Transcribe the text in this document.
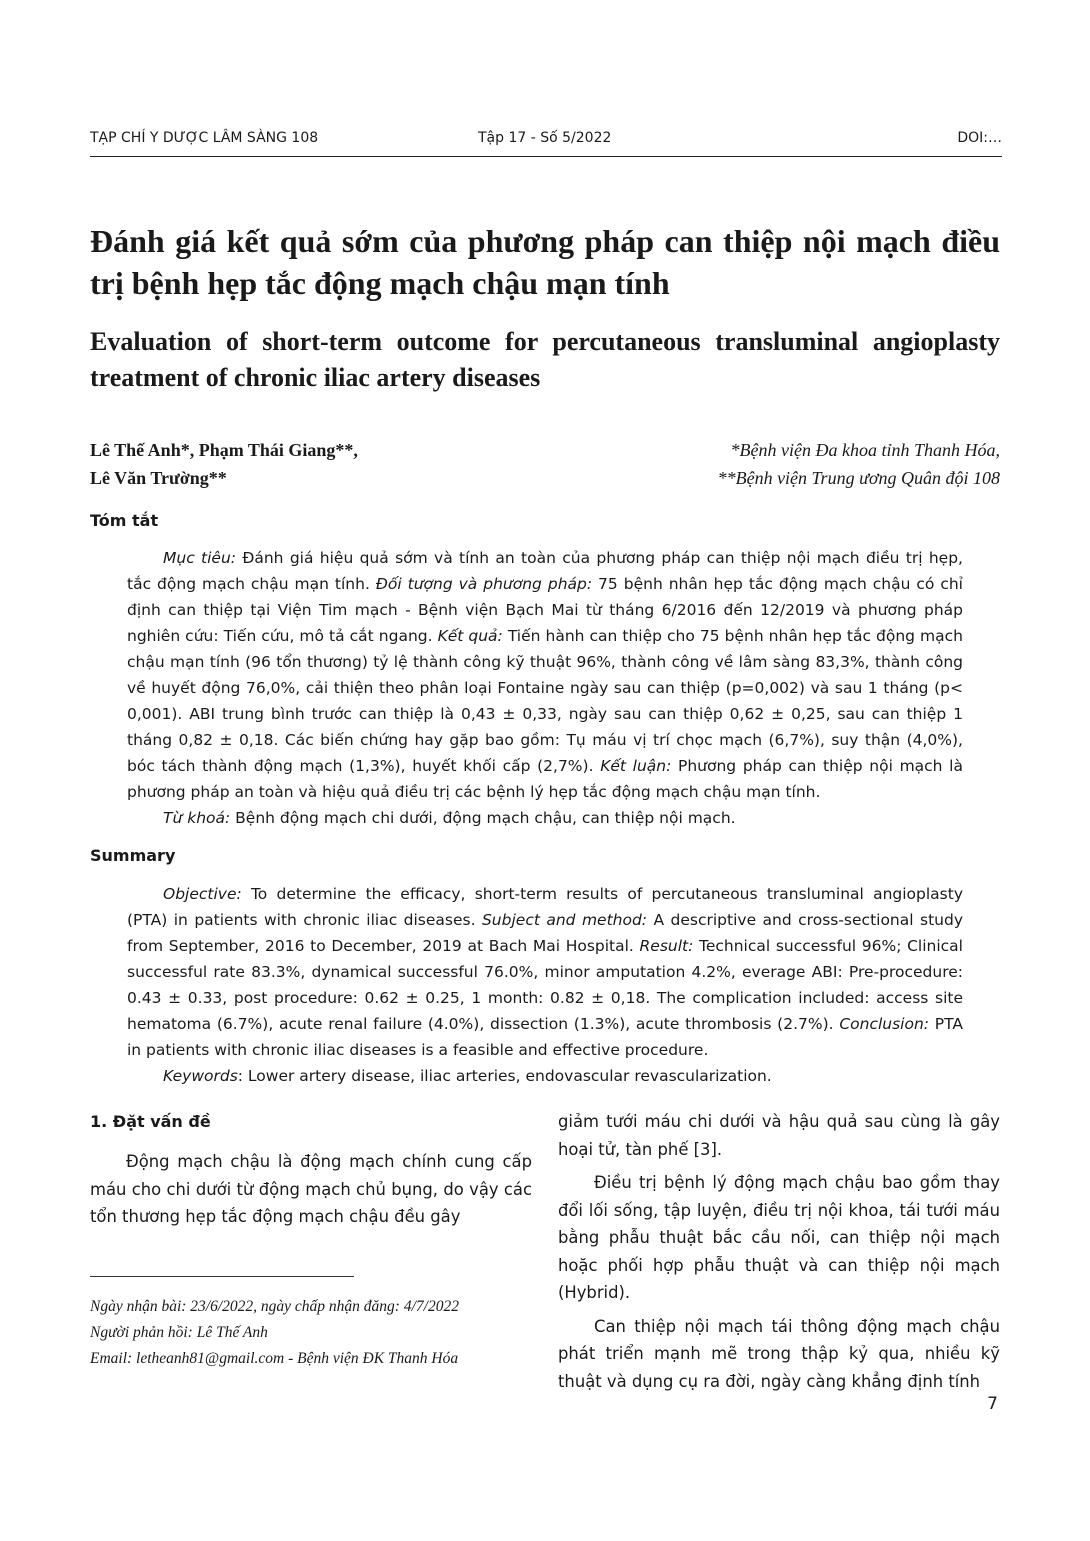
TẠP CHÍ Y DƯỢC LÂM SÀNG 108	Tập 17 - Số 5/2022	DOI:…
Đánh giá kết quả sớm của phương pháp can thiệp nội mạch điều trị bệnh hẹp tắc động mạch chậu mạn tính
Evaluation of short-term outcome for percutaneous transluminal angioplasty treatment of chronic iliac artery diseases
Lê Thế Anh*, Phạm Thái Giang**,
Lê Văn Trường**
*Bệnh viện Đa khoa tỉnh Thanh Hóa,
**Bệnh viện Trung ương Quân đội 108
Tóm tắt

Mục tiêu: Đánh giá hiệu quả sớm và tính an toàn của phương pháp can thiệp nội mạch điều trị hẹp, tắc động mạch chậu mạn tính. Đối tượng và phương pháp: 75 bệnh nhân hẹp tắc động mạch chậu có chỉ định can thiệp tại Viện Tim mạch - Bệnh viện Bạch Mai từ tháng 6/2016 đến 12/2019 và phương pháp nghiên cứu: Tiến cứu, mô tả cắt ngang. Kết quả: Tiến hành can thiệp cho 75 bệnh nhân hẹp tắc động mạch chậu mạn tính (96 tổn thương) tỷ lệ thành công kỹ thuật 96%, thành công về lâm sàng 83,3%, thành công về huyết động 76,0%, cải thiện theo phân loại Fontaine ngày sau can thiệp (p=0,002) và sau 1 tháng (p< 0,001). ABI trung bình trước can thiệp là 0,43 ± 0,33, ngày sau can thiệp 0,62 ± 0,25, sau can thiệp 1 tháng 0,82 ± 0,18. Các biến chứng hay gặp bao gồm: Tụ máu vị trí chọc mạch (6,7%), suy thận (4,0%), bóc tách thành động mạch (1,3%), huyết khối cấp (2,7%). Kết luận: Phương pháp can thiệp nội mạch là phương pháp an toàn và hiệu quả điều trị các bệnh lý hẹp tắc động mạch chậu mạn tính.

Từ khoá: Bệnh động mạch chi dưới, động mạch chậu, can thiệp nội mạch.

Summary

Objective: To determine the efficacy, short-term results of percutaneous transluminal angioplasty (PTA) in patients with chronic iliac diseases. Subject and method: A descriptive and cross-sectional study from September, 2016 to December, 2019 at Bach Mai Hospital. Result: Technical successful 96%; Clinical successful rate 83.3%, dynamical successful 76.0%, minor amputation 4.2%, everage ABI: Pre-procedure: 0.43 ± 0.33, post procedure: 0.62 ± 0.25, 1 month: 0.82 ± 0,18. The complication included: access site hematoma (6.7%), acute renal failure (4.0%), dissection (1.3%), acute thrombosis (2.7%). Conclusion: PTA in patients with chronic iliac diseases is a feasible and effective procedure.

Keywords: Lower artery disease, iliac arteries, endovascular revascularization.

1. Đặt vấn đề

Động mạch chậu là động mạch chính cung cấp máu cho chi dưới từ động mạch chủ bụng, do vậy các tổn thương hẹp tắc động mạch chậu đều gây

giảm tưới máu chi dưới và hậu quả sau cùng là gây hoại tử, tàn phế [3].

Điều trị bệnh lý động mạch chậu bao gồm thay đổi lối sống, tập luyện, điều trị nội khoa, tái tưới máu bằng phẫu thuật bắc cầu nối, can thiệp nội mạch hoặc phối hợp phẫu thuật và can thiệp nội mạch (Hybrid).

Can thiệp nội mạch tái thông động mạch chậu phát triển mạnh mẽ trong thập kỷ qua, nhiều kỹ thuật và dụng cụ ra đời, ngày càng khẳng định tính

Ngày nhận bài: 23/6/2022, ngày chấp nhận đăng: 4/7/2022
Người phản hồi: Lê Thế Anh
Email: letheanh81@gmail.com - Bệnh viện ĐK Thanh Hóa
7
